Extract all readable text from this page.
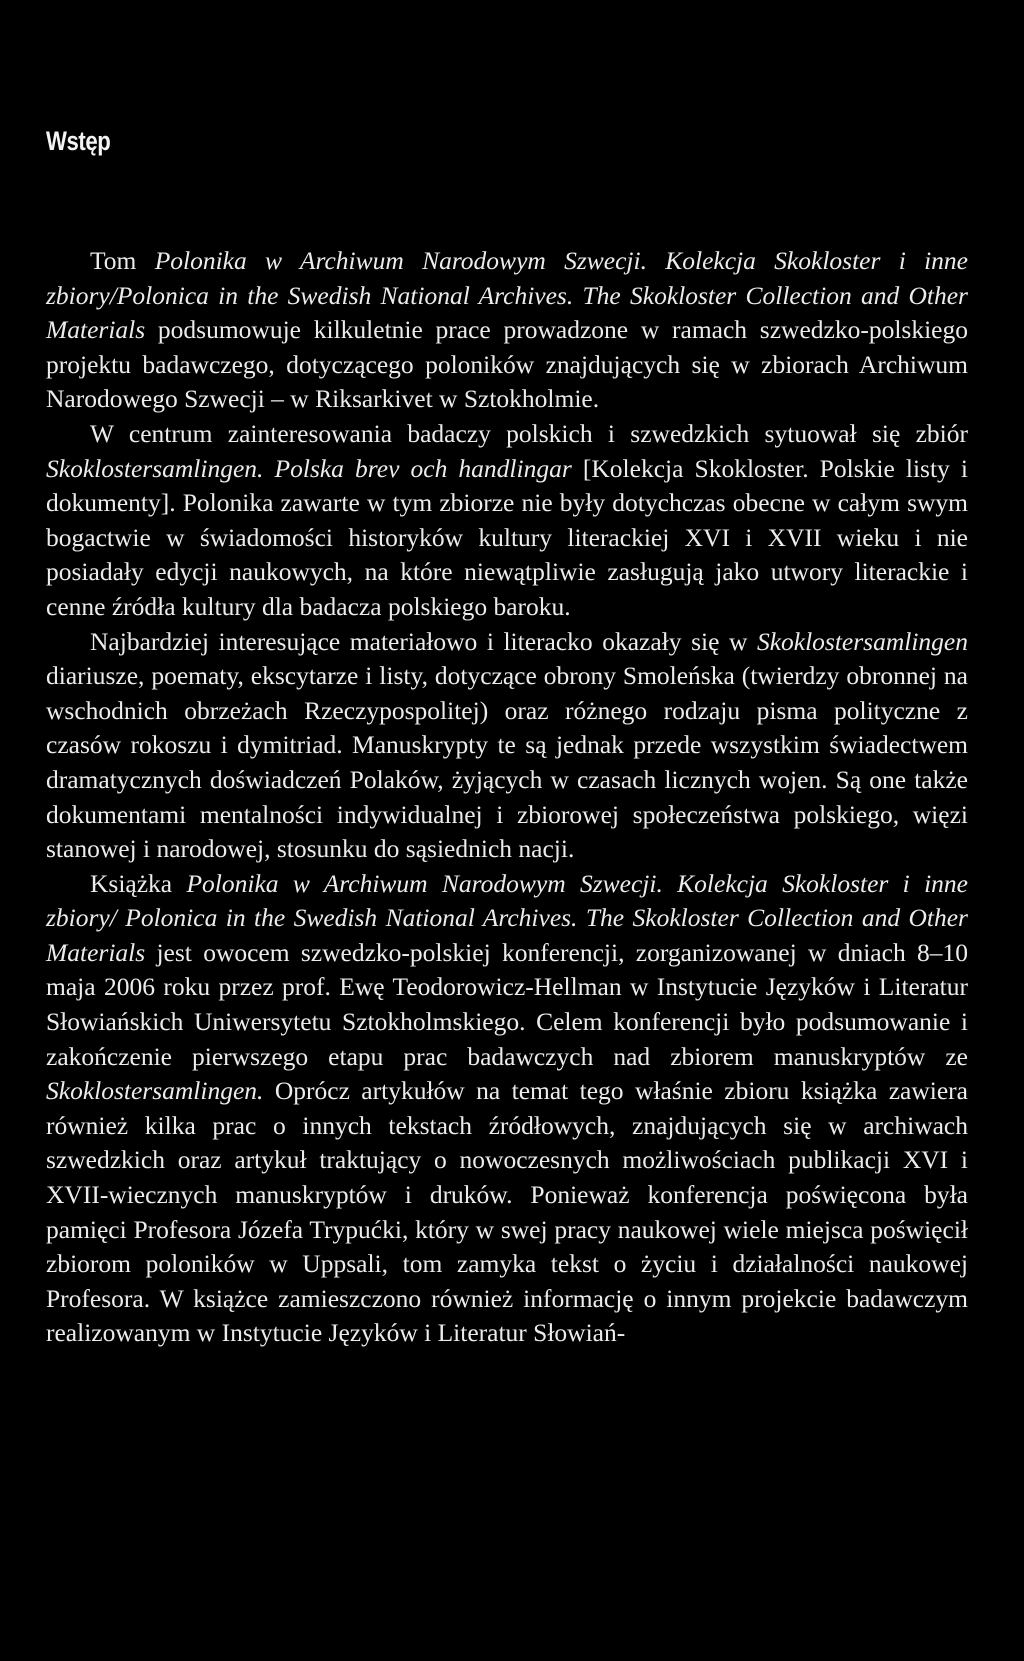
Wstęp

Tom Polonika w Archiwum Narodowym Szwecji. Kolekcja Skokloster i inne zbiory/Polonica in the Swedish National Archives. The Skokloster Collection and Other Materials podsumowuje kilkuletnie prace prowadzone w ramach szwedzko-polskiego projektu badawczego, dotyczącego poloników znajdujących się w zbiorach Archiwum Narodowego Szwecji – w Riksarkivet w Sztokholmie.

W centrum zainteresowania badaczy polskich i szwedzkich sytuował się zbiór Skoklostersamlingen. Polska brev och handlingar [Kolekcja Skokloster. Polskie listy i dokumenty]. Polonika zawarte w tym zbiorze nie były dotychczas obecne w całym swym bogactwie w świadomości historyków kultury literackiej XVI i XVII wieku i nie posiadały edycji naukowych, na które niewątpliwie zasługują jako utwory literackie i cenne źródła kultury dla badacza polskiego baroku.

Najbardziej interesujące materiałowo i literacko okazały się w Skoklostersamlingen diariusze, poematy, ekscytarze i listy, dotyczące obrony Smoleńska (twierdzy obronnej na wschodnich obrzeżach Rzeczypospolitej) oraz różnego rodzaju pisma polityczne z czasów rokoszu i dymitriad. Manuskrypty te są jednak przede wszystkim świadectwem dramatycznych doświadczeń Polaków, żyjących w czasach licznych wojen. Są one także dokumentami mentalności indywidualnej i zbiorowej społeczeństwa polskiego, więzi stanowej i narodowej, stosunku do sąsiednich nacji.

Książka Polonika w Archiwum Narodowym Szwecji. Kolekcja Skokloster i inne zbiory/ Polonica in the Swedish National Archives. The Skokloster Collection and Other Materials jest owocem szwedzko-polskiej konferencji, zorganizowanej w dniach 8–10 maja 2006 roku przez prof. Ewę Teodorowicz-Hellman w Instytucie Języków i Literatur Słowiańskich Uniwersytetu Sztokholmskiego. Celem konferencji było podsumowanie i zakończenie pierwszego etapu prac badawczych nad zbiorem manuskryptów ze Skoklostersamlingen. Oprócz artykułów na temat tego właśnie zbioru książka zawiera również kilka prac o innych tekstach źródłowych, znajdujących się w archiwach szwedzkich oraz artykuł traktujący o nowoczesnych możliwościach publikacji XVI i XVII-wiecznych manuskryptów i druków. Ponieważ konferencja poświęcona była pamięci Profesora Józefa Trypućki, który w swej pracy naukowej wiele miejsca poświęcił zbiorom poloników w Uppsali, tom zamyka tekst o życiu i działalności naukowej Profesora. W książce zamieszczono również informację o innym projekcie badawczym realizowanym w Instytucie Języków i Literatur Słowiań-
